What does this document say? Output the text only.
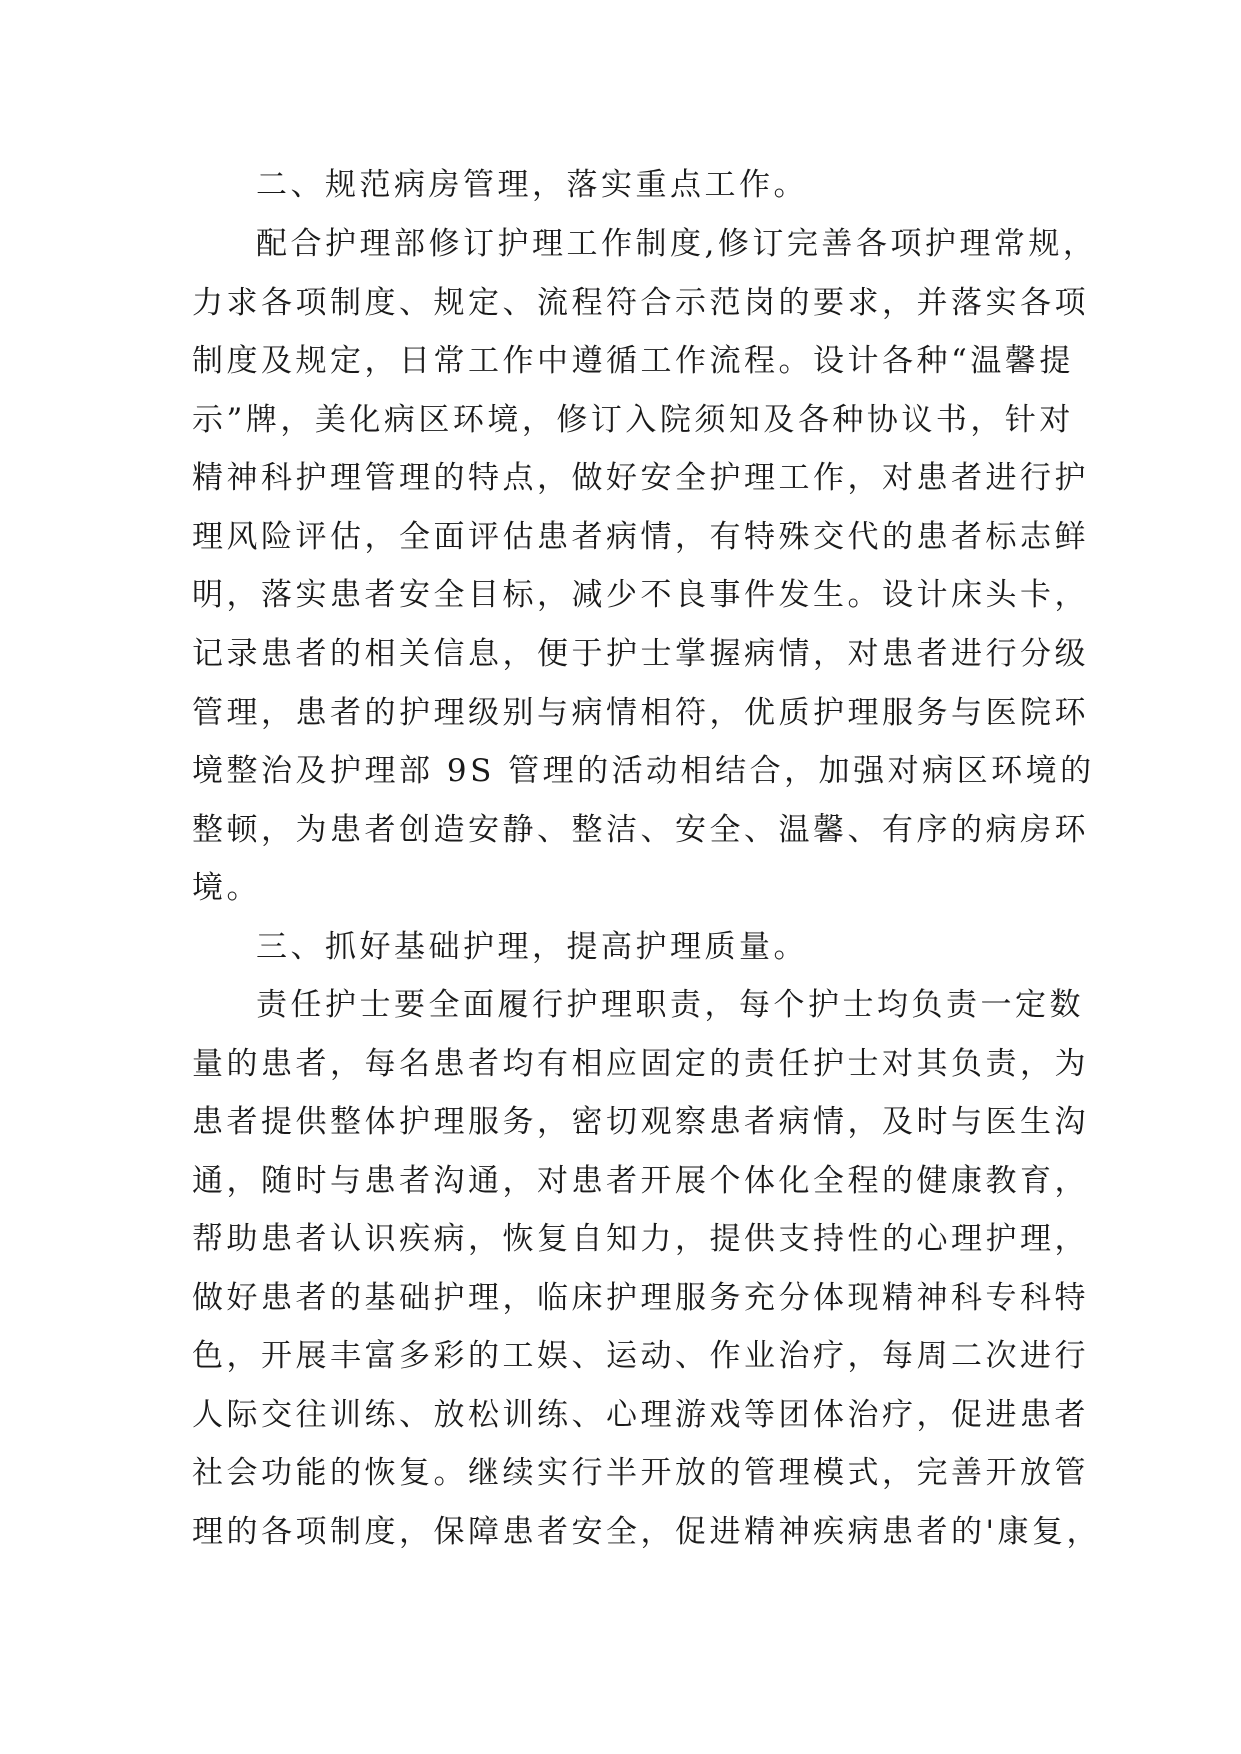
二、规范病房管理，落实重点工作。
配合护理部修订护理工作制度,修订完善各项护理常规，
力求各项制度、规定、流程符合示范岗的要求，并落实各项
制度及规定，日常工作中遵循工作流程。设计各种“温馨提
示”牌，美化病区环境，修订入院须知及各种协议书，针对
精神科护理管理的特点，做好安全护理工作，对患者进行护
理风险评估，全面评估患者病情，有特殊交代的患者标志鲜
明，落实患者安全目标，减少不良事件发生。设计床头卡，
记录患者的相关信息，便于护士掌握病情，对患者进行分级
管理，患者的护理级别与病情相符，优质护理服务与医院环
境整治及护理部 9S 管理的活动相结合，加强对病区环境的
整顿，为患者创造安静、整洁、安全、温馨、有序的病房环
境。
三、抓好基础护理，提高护理质量。
责任护士要全面履行护理职责，每个护士均负责一定数
量的患者，每名患者均有相应固定的责任护士对其负责，为
患者提供整体护理服务，密切观察患者病情，及时与医生沟
通，随时与患者沟通，对患者开展个体化全程的健康教育，
帮助患者认识疾病，恢复自知力，提供支持性的心理护理，
做好患者的基础护理，临床护理服务充分体现精神科专科特
色，开展丰富多彩的工娱、运动、作业治疗，每周二次进行
人际交往训练、放松训练、心理游戏等团体治疗，促进患者
社会功能的恢复。继续实行半开放的管理模式，完善开放管
理的各项制度，保障患者安全，促进精神疾病患者的'康复，
